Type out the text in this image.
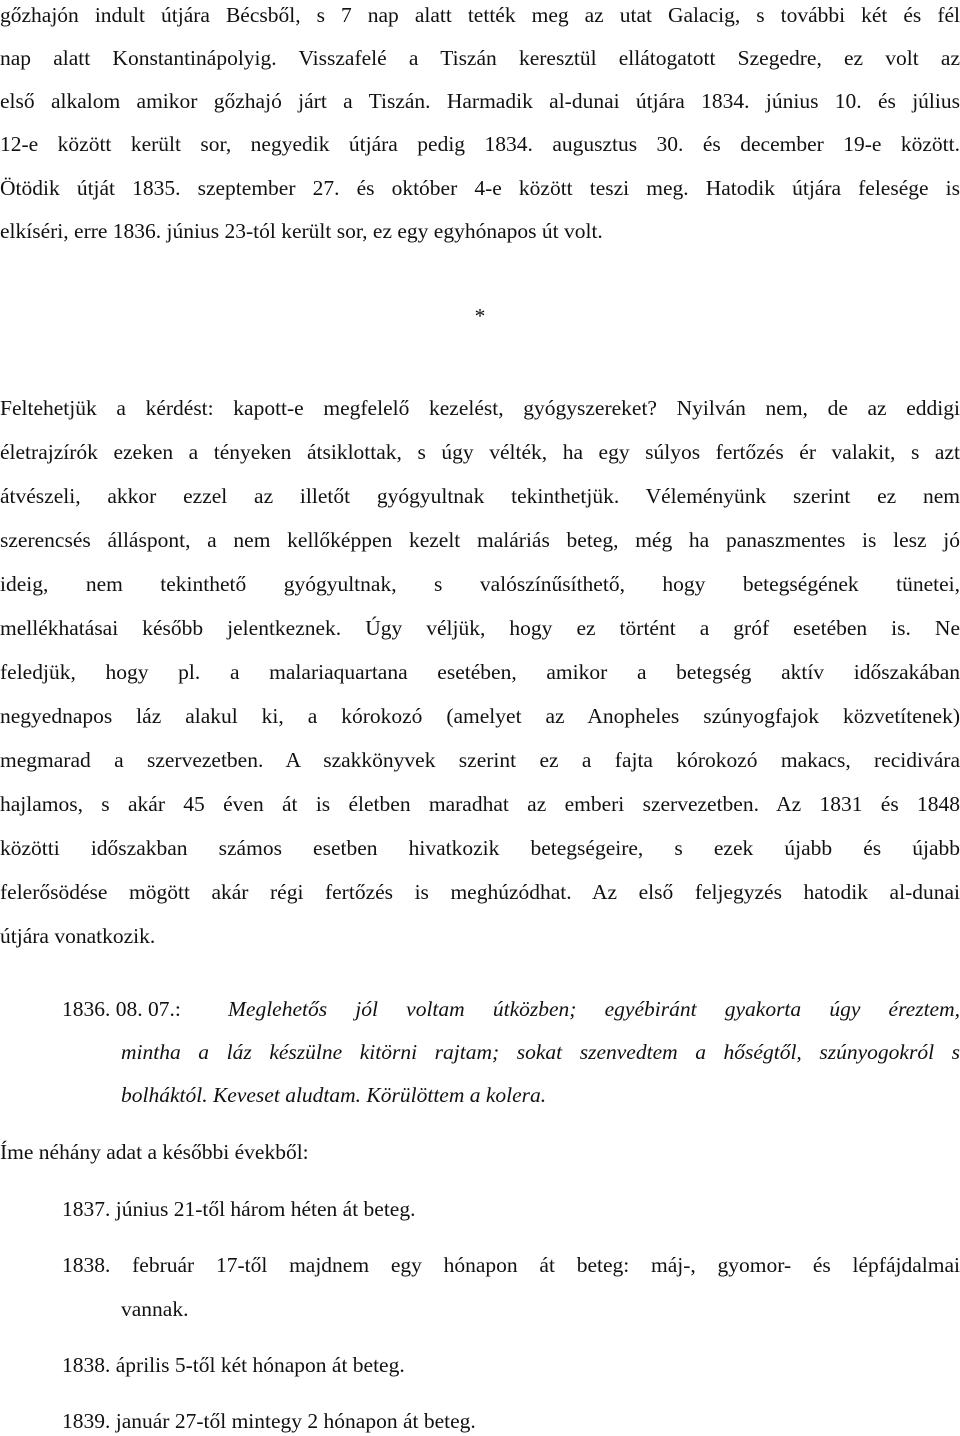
gőzhajón indult útjára Bécsből, s 7 nap alatt tették meg az utat Galacig, s további két és fél
nap alatt Konstantinápolyig. Visszafelé a Tiszán keresztül ellátogatott Szegedre, ez volt az
első alkalom amikor gőzhajó járt a Tiszán. Harmadik al-dunai útjára 1834. június 10. és július
12-e között került sor, negyedik útjára pedig 1834. augusztus 30. és december 19-e között.
Ötödik útját 1835. szeptember 27. és október 4-e között teszi meg. Hatodik útjára felesége is
elkíséri, erre 1836. június 23-tól került sor, ez egy egyhónapos út volt.
*
Feltehetjük a kérdést: kapott-e megfelelő kezelést, gyógyszereket? Nyilván nem, de az eddigi
életrajzírók ezeken a tényeken átsiklottak, s úgy vélték, ha egy súlyos fertőzés ér valakit, s azt
átvészeli, akkor ezzel az illetőt gyógyultnak tekinthetjük. Véleményünk szerint ez nem
szerencsés álláspont, a nem kellőképpen kezelt maláriás beteg, még ha panaszmentes is lesz jó
ideig, nem tekinthető gyógyultnak, s valószínűsíthető, hogy betegségének tünetei,
mellékhatásai később jelentkeznek. Úgy véljük, hogy ez történt a gróf esetében is. Ne
feledjük, hogy pl. a malariaquartana esetében, amikor a betegség aktív időszakában
negyednapos láz alakul ki, a kórokozó (amelyet az Anopheles szúnyogfajok közvetítenek)
megmarad a szervezetben. A szakkönyvek szerint ez a fajta kórokozó makacs, recidivára
hajlamos, s akár 45 éven át is életben maradhat az emberi szervezetben. Az 1831 és 1848
közötti időszakban számos esetben hivatkozik betegségeire, s ezek újabb és újabb
felerősödése mögött akár régi fertőzés is meghúzódhat. Az első feljegyzés hatodik al-dunai
útjára vonatkozik.
1836. 08. 07.:	Meglehetős jól voltam útközben; egyébiránt gyakorta úgy éreztem,
mintha a láz készülne kitörni rajtam; sokat szenvedtem a hőségtől, szúnyogokról s
bolháktól. Keveset aludtam. Körülöttem a kolera.
Íme néhány adat a későbbi évekből:
1837. június 21-től három héten át beteg.
1838. február 17-től majdnem egy hónapon át beteg: máj-, gyomor- és lépfájdalmai
vannak.
1838. április 5-től két hónapon át beteg.
1839. január 27-től mintegy 2 hónapon át beteg.
